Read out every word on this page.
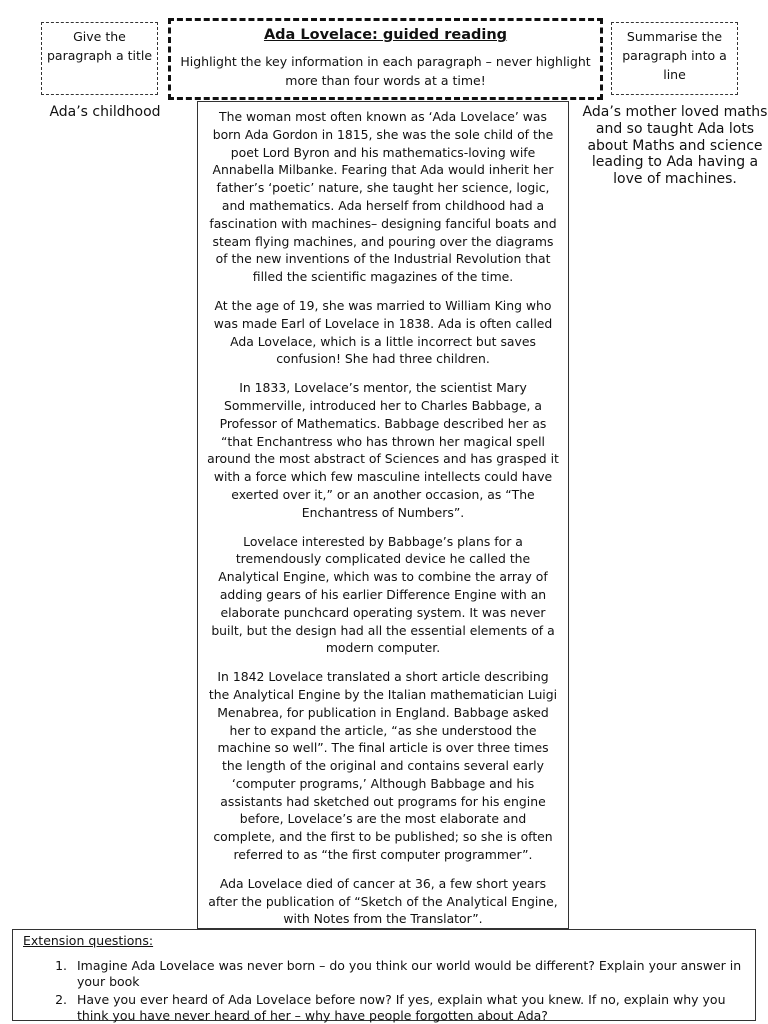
Give the paragraph a title
Ada Lovelace: guided reading
Highlight the key information in each paragraph – never highlight more than four words at a time!
Summarise the paragraph into a line
Ada’s childhood	Ada’s mother loved maths and so taught Ada lots about Maths and science leading to Ada having a love of machines.

The woman most often known as ‘Ada Lovelace’ was born Ada Gordon in 1815, she was the sole child of the poet Lord Byron and his mathematics-loving wife Annabella Milbanke. Fearing that Ada would inherit her father’s ‘poetic’ nature, she taught her science, logic, and mathematics. Ada herself from childhood had a fascination with machines– designing fanciful boats and steam flying machines, and pouring over the diagrams of the new inventions of the Industrial Revolution that filled the scientific magazines of the time.

At the age of 19, she was married to William King who was made Earl of Lovelace in 1838. Ada is often called Ada Lovelace, which is a little incorrect but saves confusion! She had three children.

In 1833, Lovelace’s mentor, the scientist Mary Sommerville, introduced her to Charles Babbage, a Professor of Mathematics. Babbage described her as “that Enchantress who has thrown her magical spell around the most abstract of Sciences and has grasped it with a force which few masculine intellects could have exerted over it,” or an another occasion, as “The Enchantress of Numbers”.

Lovelace interested by Babbage’s plans for a tremendously complicated device he called the Analytical Engine, which was to combine the array of adding gears of his earlier Difference Engine with an elaborate punchcard operating system. It was never built, but the design had all the essential elements of a modern computer.

In 1842 Lovelace translated a short article describing the Analytical Engine by the Italian mathematician Luigi Menabrea, for publication in England. Babbage asked her to expand the article, “as she understood the machine so well”. The final article is over three times the length of the original and contains several early ‘computer programs,’ Although Babbage and his assistants had sketched out programs for his engine before, Lovelace’s are the most elaborate and complete, and the first to be published; so she is often referred to as “the first computer programmer”.

Ada Lovelace died of cancer at 36, a few short years after the publication of “Sketch of the Analytical Engine, with Notes from the Translator”.

Extension questions:
1. Imagine Ada Lovelace was never born – do you think our world would be different? Explain your answer in your book
2. Have you ever heard of Ada Lovelace before now? If yes, explain what you knew. If no, explain why you think you have never heard of her – why have people forgotten about Ada?
